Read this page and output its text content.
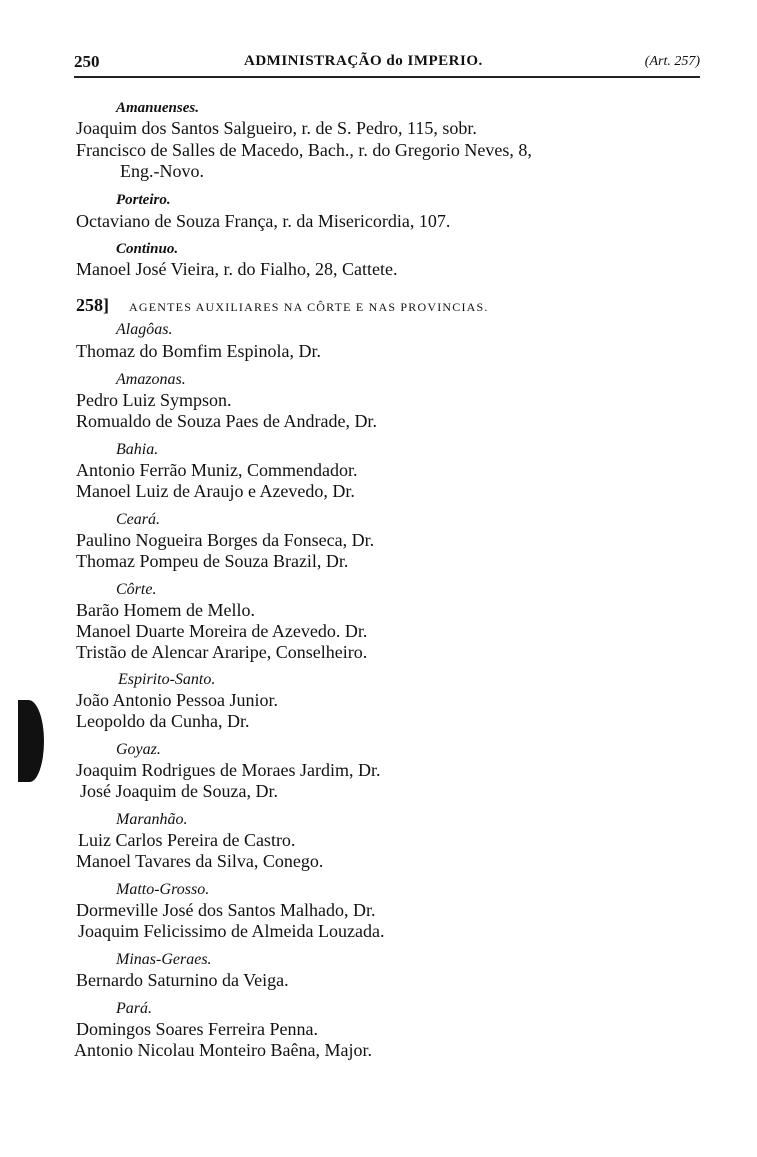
250	ADMINISTRAÇÃO do IMPERIO.	(Art. 257)
Amanuenses.
Joaquim dos Santos Salgueiro, r. de S. Pedro, 115, sobr.
Francisco de Salles de Macedo, Bach., r. do Gregorio Neves, 8,
Eng.-Novo.
Porteiro.
Octaviano de Souza França, r. da Misericordia, 107.
Continuo.
Manoel José Vieira, r. do Fialho, 28, Cattete.
258] AGENTES AUXILIARES NA CÔRTE E NAS PROVINCIAS.
Alagôas.
Thomaz do Bomfim Espinola, Dr.
Amazonas.
Pedro Luiz Sympson.
Romualdo de Souza Paes de Andrade, Dr.
Bahia.
Antonio Ferrão Muniz, Commendador.
Manoel Luiz de Araujo e Azevedo, Dr.
Ceará.
Paulino Nogueira Borges da Fonseca, Dr.
Thomaz Pompeu de Souza Brazil, Dr.
Côrte.
Barão Homem de Mello.
Manoel Duarte Moreira de Azevedo. Dr.
Tristão de Alencar Araripe, Conselheiro.
Espirito-Santo.
João Antonio Pessoa Junior.
Leopoldo da Cunha, Dr.
Goyaz.
Joaquim Rodrigues de Moraes Jardim, Dr.
José Joaquim de Souza, Dr.
Maranhão.
Luiz Carlos Pereira de Castro.
Manoel Tavares da Silva, Conego.
Matto-Grosso.
Dormeville José dos Santos Malhado, Dr.
Joaquim Felicissimo de Almeida Louzada.
Minas-Geraes.
Bernardo Saturnino da Veiga.
Pará.
Domingos Soares Ferreira Penna.
Antonio Nicolau Monteiro Baêna, Major.
